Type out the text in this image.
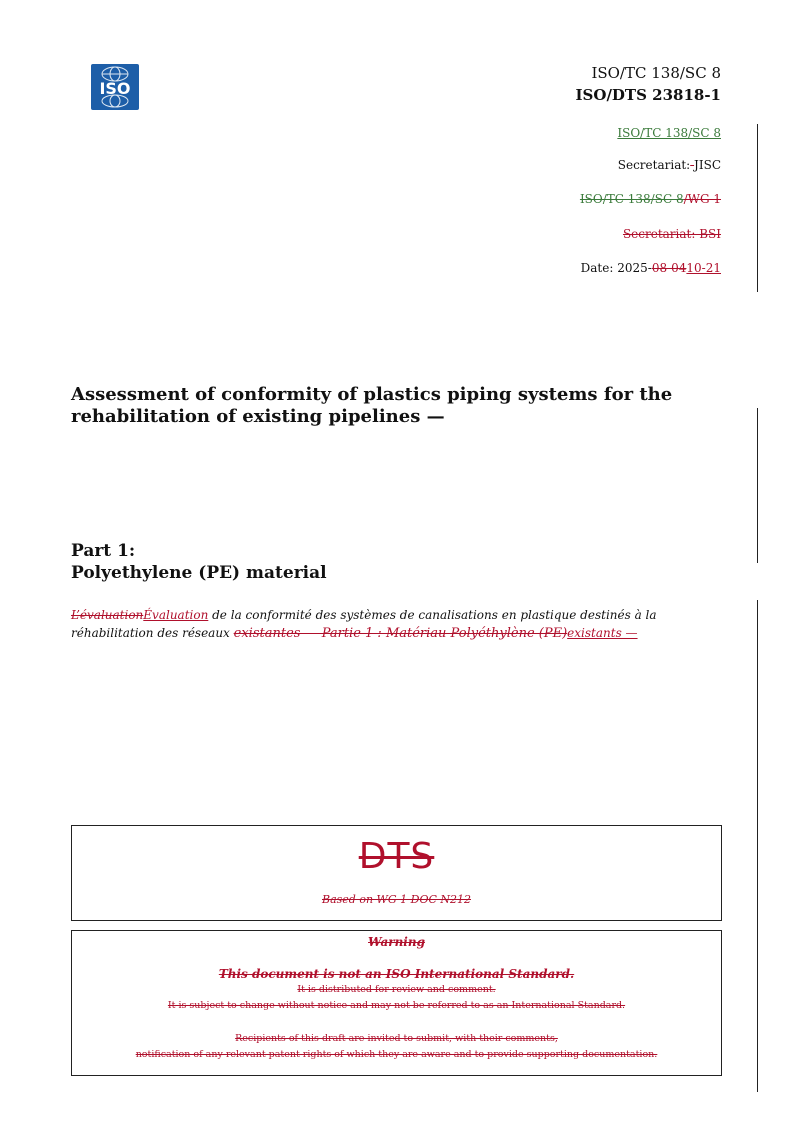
ISO
ISO/TC 138/SC 8
ISO/DTS 23818-1
ISO/TC 138/SC 8
Secretariat: JISC
ISO/TC 138/SC 8/WG 1
Secretariat: BSI
Date: 2025-08-0410-21
Assessment of conformity of plastics piping systems for the
rehabilitation of existing pipelines —
Part 1:
Polyethylene (PE) material
L’évaluationÉvaluation de la conformité des systèmes de canalisations en plastique destinés à la
réhabilitation des réseaux existantes — Partie 1 : Matériau Polyéthylène (PE)existants —
DTS
Based on WG 1 DOC N212
Warning
This document is not an ISO International Standard.
It is distributed for review and comment.
It is subject to change without notice and may not be referred to as an International Standard.
Recipients of this draft are invited to submit, with their comments,
notification of any relevant patent rights of which they are aware and to provide supporting documentation.
